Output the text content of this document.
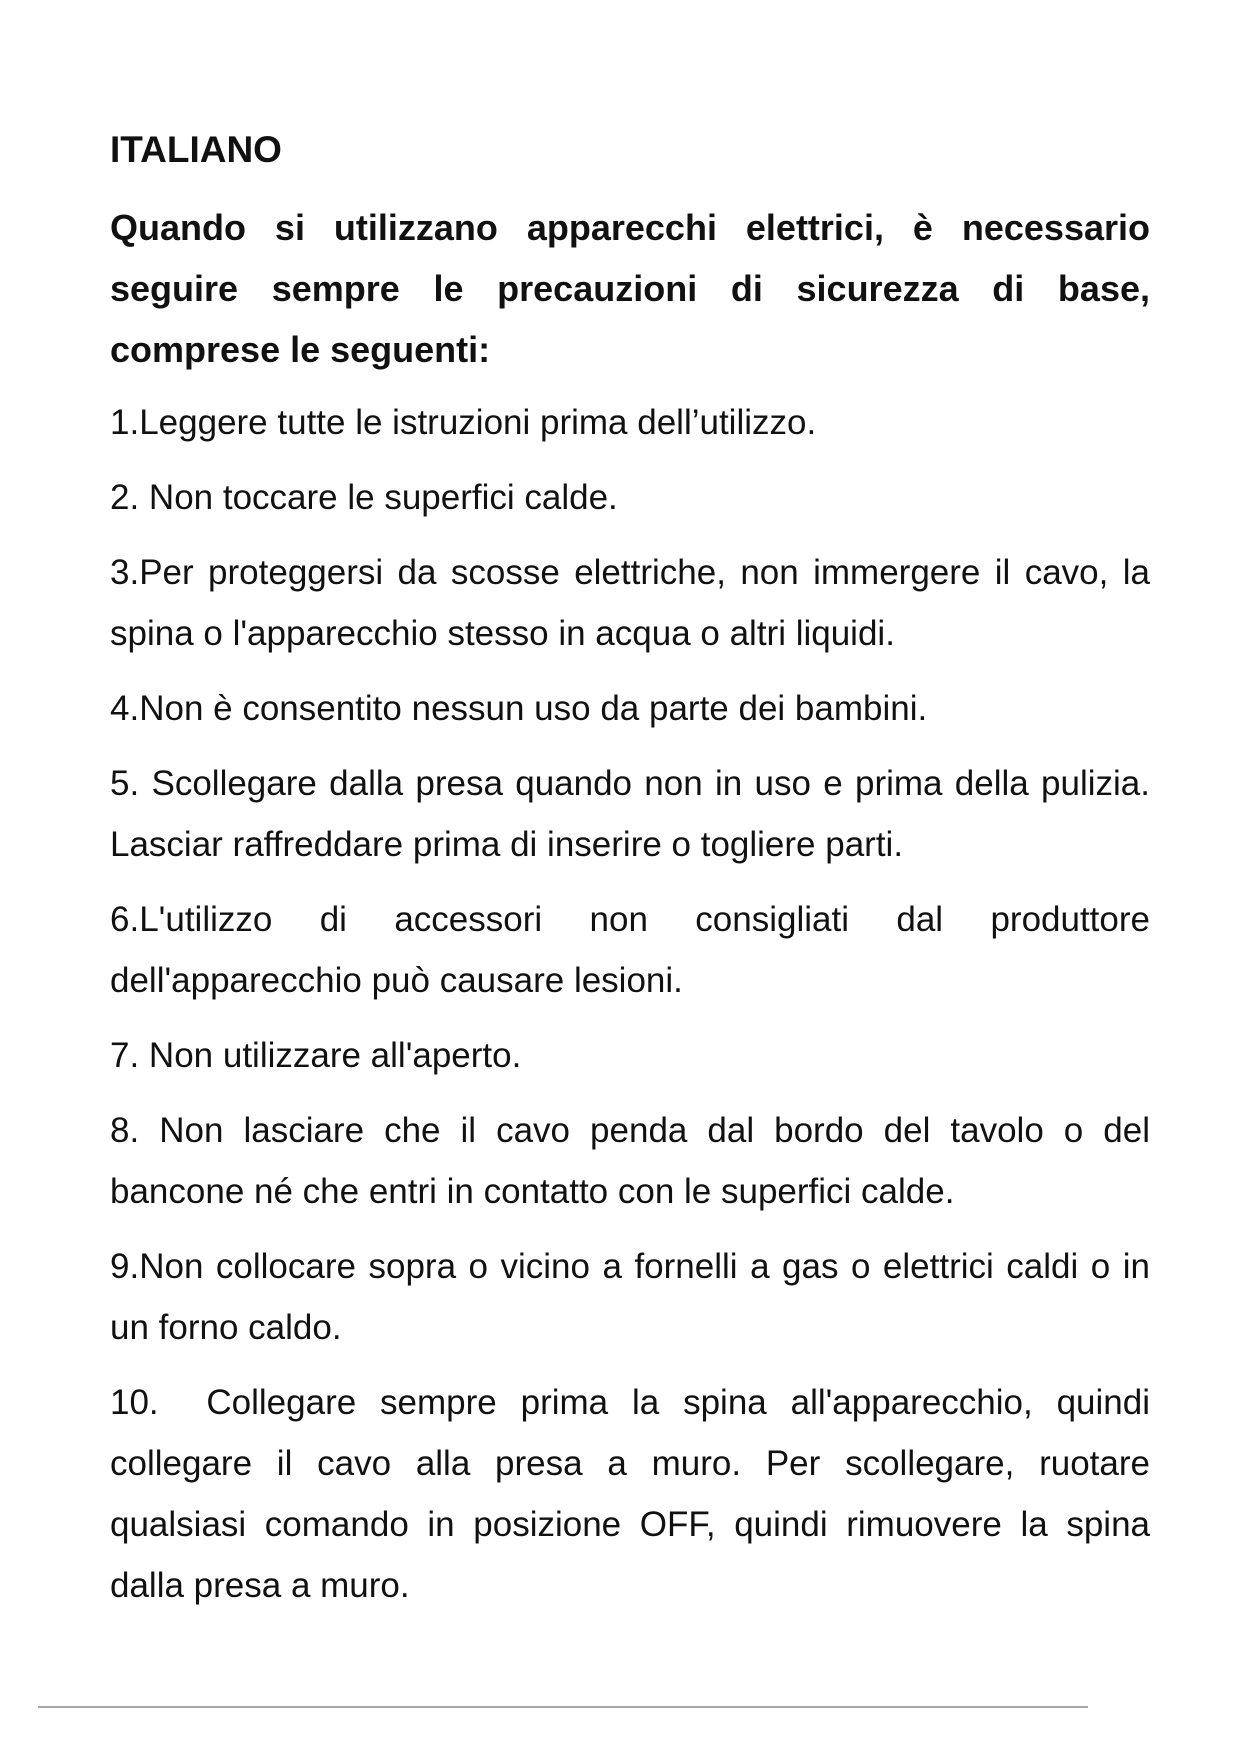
ITALIANO
Quando si utilizzano apparecchi elettrici, è necessario seguire sempre le precauzioni di sicurezza di base, comprese le seguenti:
1.Leggere tutte le istruzioni prima dell’utilizzo.
2. Non toccare le superfici calde.
3.Per proteggersi da scosse elettriche, non immergere il cavo, la spina o l'apparecchio stesso in acqua o altri liquidi.
4.Non è consentito nessun uso da parte dei bambini.
5. Scollegare dalla presa quando non in uso e prima della pulizia. Lasciar raffreddare prima di inserire o togliere parti.
6.L'utilizzo di accessori non consigliati dal produttore dell'apparecchio può causare lesioni.
7. Non utilizzare all'aperto.
8. Non lasciare che il cavo penda dal bordo del tavolo o del bancone né che entri in contatto con le superfici calde.
9.Non collocare sopra o vicino a fornelli a gas o elettrici caldi o in un forno caldo.
10.  Collegare sempre prima la spina all'apparecchio, quindi collegare il cavo alla presa a muro. Per scollegare, ruotare qualsiasi comando in posizione OFF, quindi rimuovere la spina dalla presa a muro.
